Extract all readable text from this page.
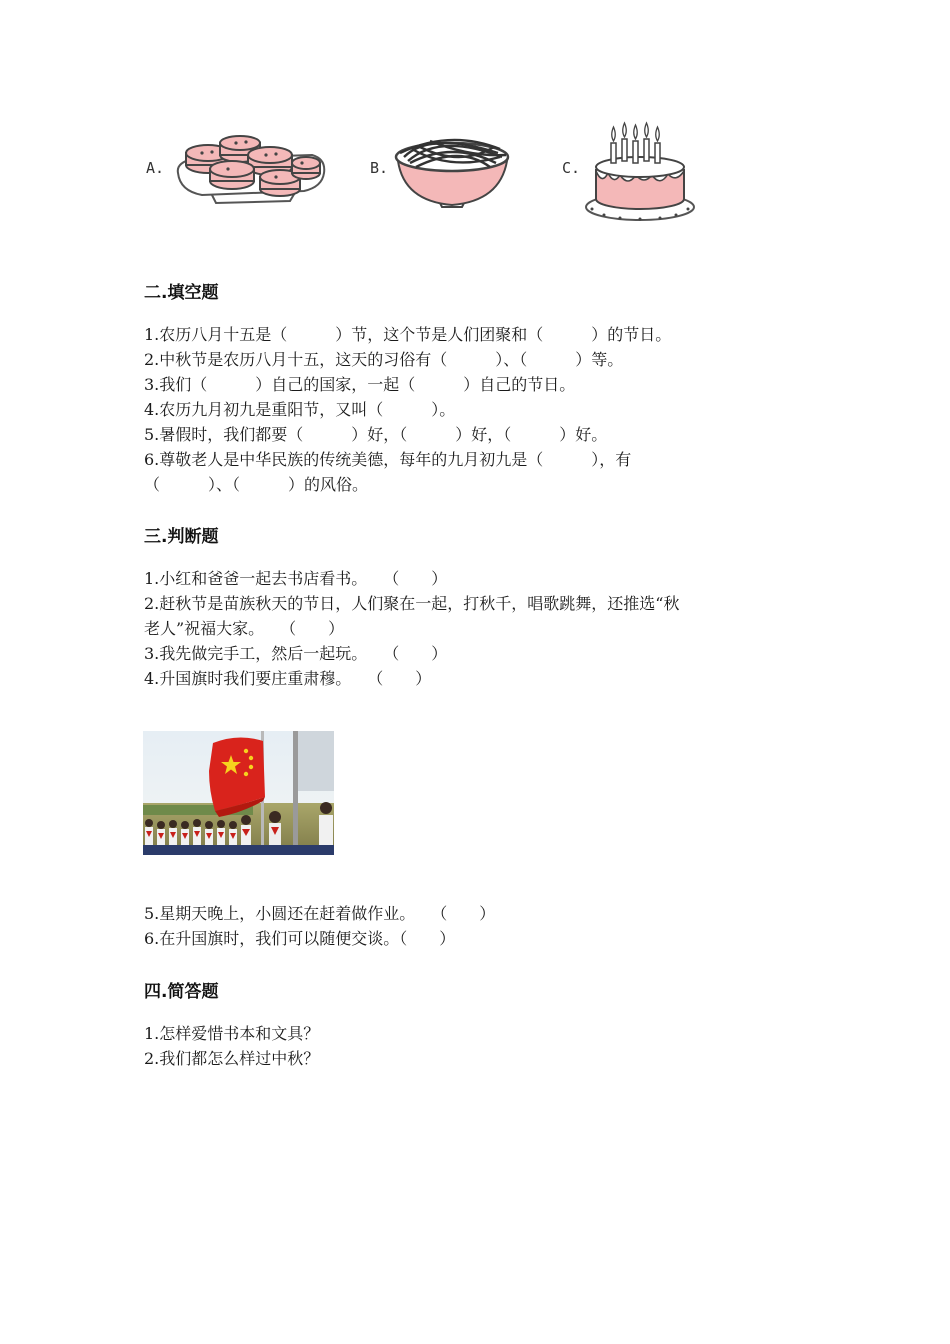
A.	B.	C.
二.填空题
1.农历八月十五是（　　　）节，这个节是人们团聚和（　　　）的节日。
2.中秋节是农历八月十五，这天的习俗有（　　　）、（　　　）等。
3.我们（　　　）自己的国家，一起（　　　）自己的节日。
4.农历九月初九是重阳节，又叫（　　　）。
5.暑假时，我们都要（　　　）好，（　　　）好，（　　　）好。
6.尊敬老人是中华民族的传统美德，每年的九月初九是（　　　），有
（　　　）、（　　　）的风俗。
三.判断题
1.小红和爸爸一起去书店看书。　　（　　）
2.赶秋节是苗族秋天的节日，人们聚在一起，打秋千，唱歌跳舞，还推选“秋
老人”祝福大家。　　（　　）
3.我先做完手工，然后一起玩。　　（　　）
4.升国旗时我们要庄重肃穆。　　（　　）
5.星期天晚上，小圆还在赶着做作业。　　（　　）
6.在升国旗时，我们可以随便交谈。（　　）
四.简答题
1.怎样爱惜书本和文具？
2.我们都怎么样过中秋？
